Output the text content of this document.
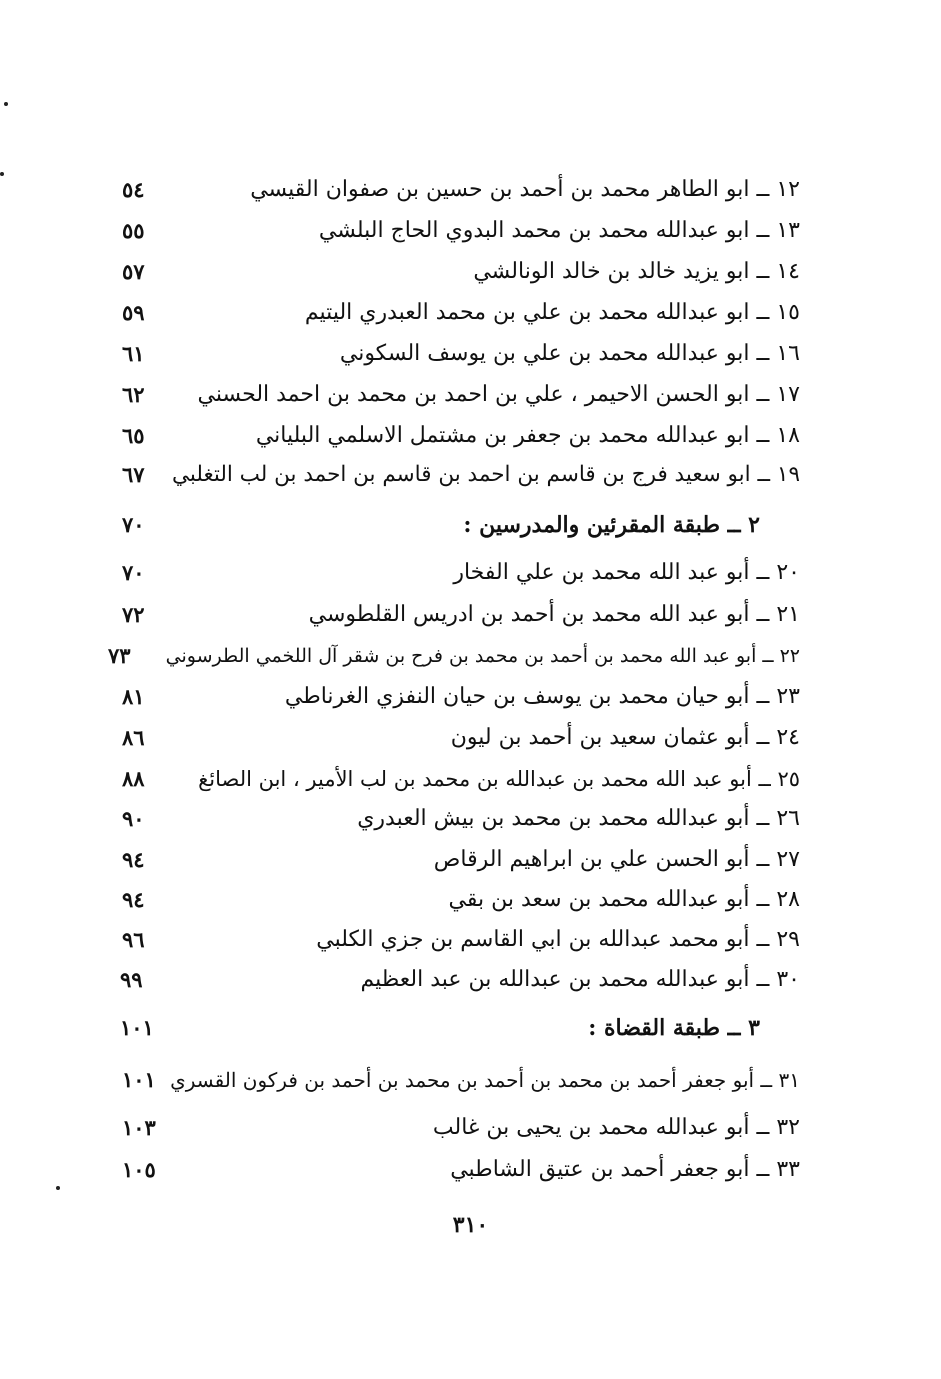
١٢ ــ ابو الطاهر محمد بن أحمد بن حسين بن صفوان القيسي
٥٤
١٣ ــ ابو عبدالله محمد بن محمد البدوي الحاج البلشي
٥٥
١٤ ــ ابو يزيد خالد بن خالد الونالشي
٥٧
١٥ ــ ابو عبدالله محمد بن علي بن محمد العبدري اليتيم
٥٩
١٦ ــ ابو عبدالله محمد بن علي بن يوسف السكوني
٦١
١٧ ــ ابو الحسن الاحيمر ، علي بن احمد بن محمد بن احمد الحسني
٦٢
١٨ ــ ابو عبدالله محمد بن جعفر بن مشتمل الاسلمي البلياني
٦٥
١٩ ــ ابو سعيد فرج بن قاسم بن احمد بن قاسم بن احمد بن لب التغلبي
٦٧
٢ ــ طبقة المقرئين والمدرسين :
٧٠
٢٠ ــ أبو عبد الله محمد بن علي الفخار
٧٠
٢١ ــ أبو عبد الله محمد بن أحمد بن ادريس القلطوسي
٧٢
٢٢ ــ أبو عبد الله محمد بن أحمد بن محمد بن فرح بن شقر آل اللخمي الطرسوني
٧٣
٢٣ ــ أبو حيان محمد بن يوسف بن حيان النفزي الغرناطي
٨١
٢٤ ــ أبو عثمان سعيد بن أحمد بن ليون
٨٦
٢٥ ــ أبو عبد الله محمد بن عبدالله بن محمد بن لب الأمير ، ابن الصائغ
٨٨
٢٦ ــ أبو عبدالله محمد بن محمد بن بيش العبدري
٩٠
٢٧ ــ أبو الحسن علي بن ابراهيم الرقاص
٩٤
٢٨ ــ أبو عبدالله محمد بن سعد بن بقي
٩٤
٢٩ ــ أبو محمد عبدالله بن ابي القاسم بن جزي الكلبي
٩٦
٣٠ ــ أبو عبدالله محمد بن عبدالله بن عبد العظيم
٩٩
٣ ــ طبقة القضاة :
١٠١
٣١ ــ أبو جعفر أحمد بن محمد بن أحمد بن محمد بن أحمد بن فركون القسري
١٠١
٣٢ ــ أبو عبدالله محمد بن يحيى بن غالب
١٠٣
٣٣ ــ أبو جعفر أحمد بن عتيق الشاطبي
١٠٥
٣١٠
